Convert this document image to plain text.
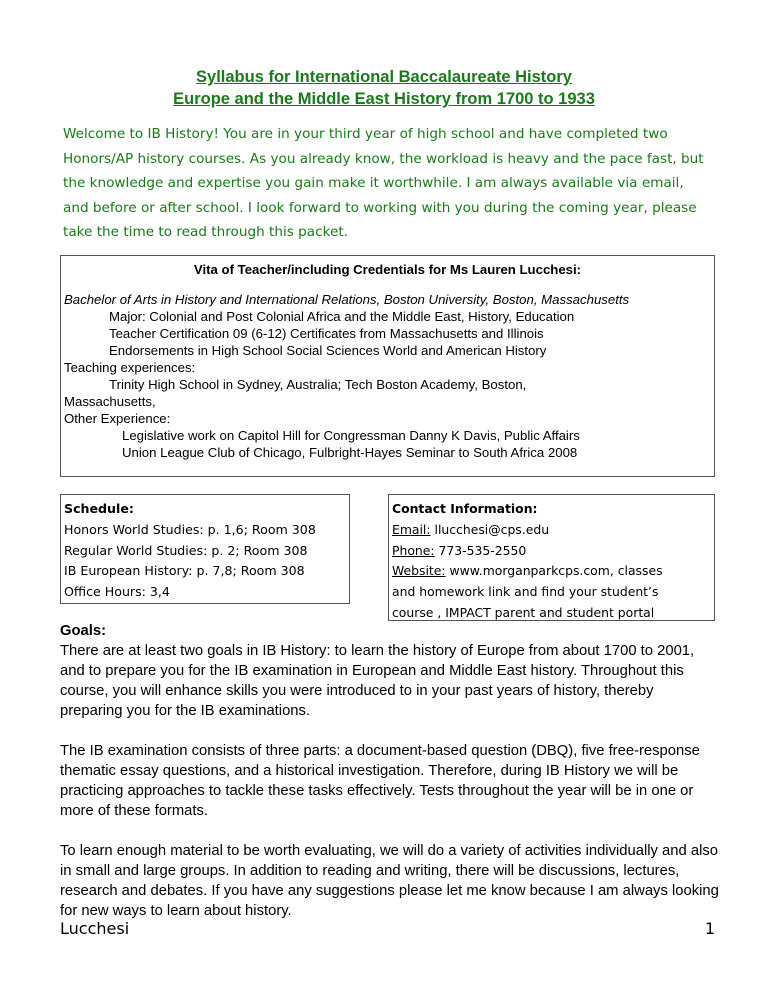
Syllabus for International Baccalaureate History
Europe and the Middle East History from 1700 to 1933
Welcome to IB History! You are in your third year of high school and have completed two Honors/AP history courses. As you already know, the workload is heavy and the pace fast, but the knowledge and expertise you gain make it worthwhile. I am always available via email, and before or after school. I look forward to working with you during the coming year, please take the time to read through this packet.
Vita of Teacher/including Credentials for Ms Lauren Lucchesi:
Bachelor of Arts in History and International Relations, Boston University, Boston, Massachusetts
Major: Colonial and Post Colonial Africa and the Middle East, History, Education
Teacher Certification 09 (6-12) Certificates from Massachusetts and Illinois
Endorsements in High School Social Sciences World and American History
Teaching experiences:
Trinity High School in Sydney, Australia; Tech Boston Academy, Boston,
Massachusetts,
Other Experience:
Legislative work on Capitol Hill for Congressman Danny K Davis, Public Affairs
Union League Club of Chicago, Fulbright-Hayes Seminar to South Africa 2008
Schedule:
Honors World Studies: p. 1,6; Room 308
Regular World Studies: p. 2; Room 308
IB European History: p. 7,8; Room 308
Office Hours: 3,4
Contact Information:
Email: llucchesi@cps.edu
Phone: 773-535-2550
Website: www.morganparkcps.com, classes
and homework link and find your student’s
course , IMPACT parent and student portal
Goals:

There are at least two goals in IB History: to learn the history of Europe from about 1700 to 2001, and to prepare you for the IB examination in European and Middle East history. Throughout this course, you will enhance skills you were introduced to in your past years of history, thereby preparing you for the IB examinations.

The IB examination consists of three parts: a document-based question (DBQ), five free-response thematic essay questions, and a historical investigation. Therefore, during IB History we will be practicing approaches to tackle these tasks effectively. Tests throughout the year will be in one or more of these formats.

To learn enough material to be worth evaluating, we will do a variety of activities individually and also in small and large groups. In addition to reading and writing, there will be discussions, lectures, research and debates. If you have any suggestions please let me know because I am always looking for new ways to learn about history.

Lucchesi	1
